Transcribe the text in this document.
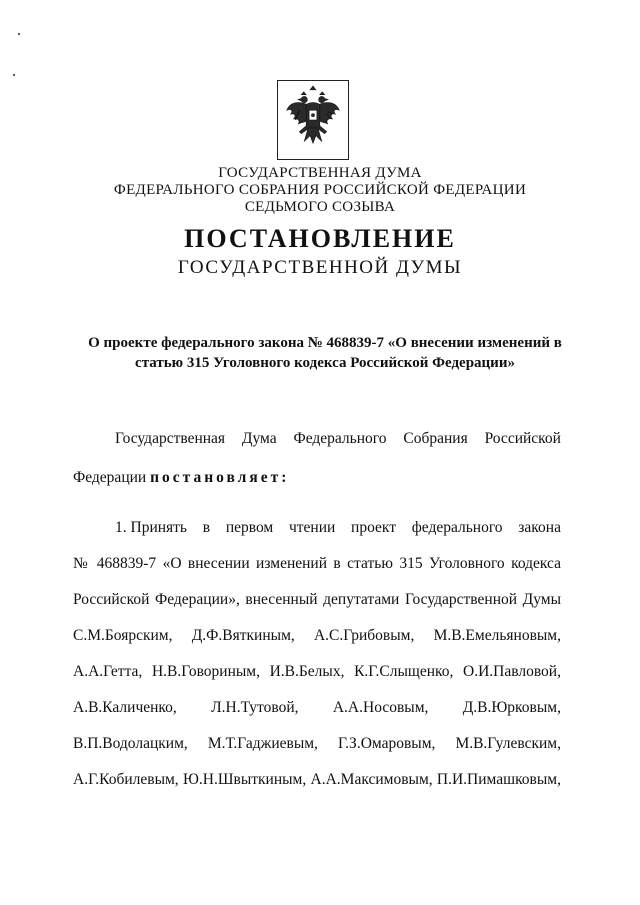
ГОСУДАРСТВЕННАЯ ДУМА
ФЕДЕРАЛЬНОГО СОБРАНИЯ РОССИЙСКОЙ ФЕДЕРАЦИИ
СЕДЬМОГО СОЗЫВА
ПОСТАНОВЛЕНИЕ
ГОСУДАРСТВЕННОЙ ДУМЫ
О проекте федерального закона № 468839-7 «О внесении изменений в статью 315 Уголовного кодекса Российской Федерации»
Государственная Дума Федерального Собрания Российской
Федерации постановляет:
1. Принять в первом чтении проект федерального закона
№ 468839-7 «О внесении изменений в статью 315 Уголовного кодекса
Российской Федерации», внесенный депутатами Государственной Думы
С.М.Боярским, Д.Ф.Вяткиным, А.С.Грибовым, М.В.Емельяновым,
А.А.Гетта, Н.В.Говориным, И.В.Белых, К.Г.Слыщенко, О.И.Павловой,
А.В.Каличенко, Л.Н.Тутовой, А.А.Носовым, Д.В.Юрковым,
В.П.Водолацким, М.Т.Гаджиевым, Г.З.Омаровым, М.В.Гулевским,
А.Г.Кобилевым, Ю.Н.Швыткиным, А.А.Максимовым, П.И.Пимашковым,
